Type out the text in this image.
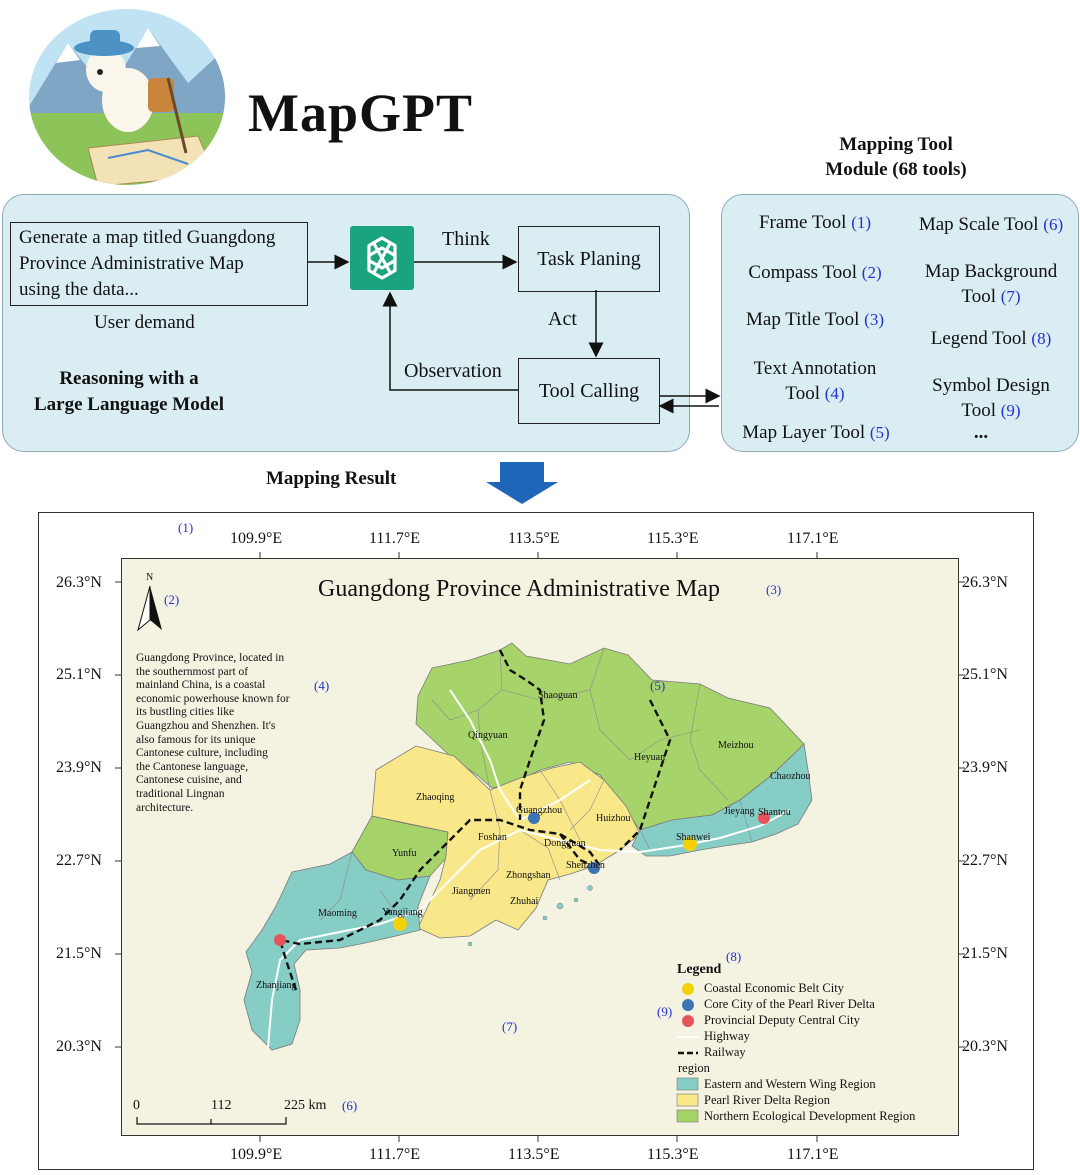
MapGPT
Mapping Tool
Module (68 tools)
Generate a map titled Guangdong
Province Administrative Map
using the data...
User demand
Reasoning with a
Large Language Model
Task Planing
Tool Calling
Think
Act
Observation
Frame Tool (1)
Compass Tool (2)
Map Title Tool (3)
Text Annotation
Tool (4)
Map Layer Tool (5)
Map Scale Tool (6)
Map Background
Tool (7)
Legend Tool (8)
Symbol Design
Tool (9)
...
Mapping Result
109.9°E	111.7°E	113.5°E	115.3°E	117.1°E
109.9°E	111.7°E	113.5°E	115.3°E	117.1°E
26.3°N
25.1°N
23.9°N
22.7°N
21.5°N
20.3°N
26.3°N
25.1°N
23.9°N
22.7°N
21.5°N
20.3°N
Guangdong Province Administrative Map
Guangdong Province, located in
the southernmost part of
mainland China, is a coastal
economic powerhouse known for
its bustling cities like
Guangzhou and Shenzhen. It's
also famous for its unique
Cantonese culture, including
the Cantonese language,
Cantonese cuisine, and
traditional Lingnan
architecture.
N
Shaoguan
Qingyuan
Heyuan
Meizhou
Chaozhou
Zhaoqing
Guangzhou
Huizhou
Jieyang Shantou
Foshan
Dongguan
Shanwei
Yunfu
Shenzhen
Zhongshan
Jiangmen
Zhuhai
Maoming	Yangjiang
Zhanjiang
Legend
Coastal Economic Belt City
Core City of the Pearl River Delta
Provincial Deputy Central City
Highway
Railway
region
Eastern and Western Wing Region
Pearl River Delta Region
Northern Ecological Development Region
0	112	225 km
(1)
(2)
(3)
(4)	(5)
(6)
(7)
(8)
(9)
